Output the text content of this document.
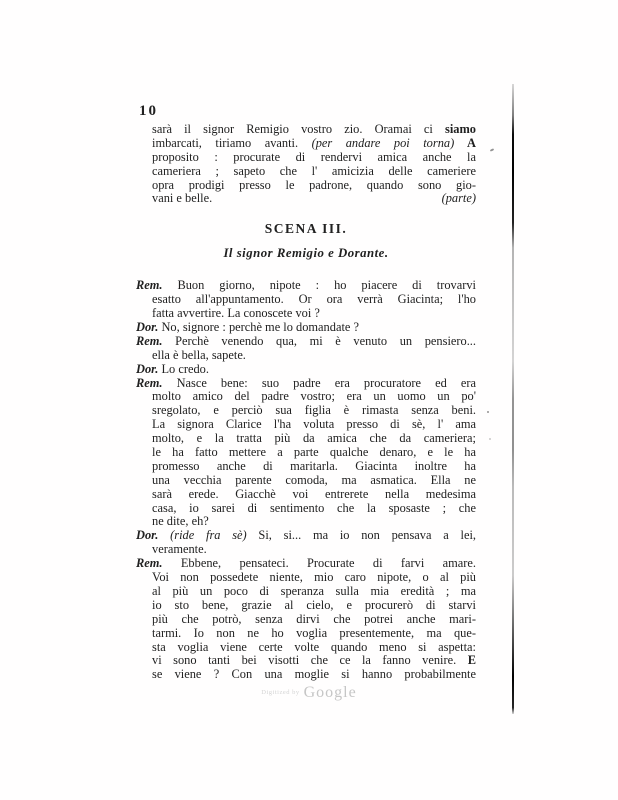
10
sarà il signor Remigio vostro zio. Oramai ci siamo
imbarcati, tiriamo avanti. (per andare poi torna) A
proposito : procurate di rendervi amica anche la
cameriera ; sapeto che l' amicizia delle cameriere
opra prodigi presso le padrone, quando sono gio-
vani e belle.	(parte)
SCENA III.
Il signor Remigio e Dorante.
Rem. Buon giorno, nipote : ho piacere di trovarvi
esatto all'appuntamento. Or ora verrà Giacinta; l'ho
fatta avvertire. La conoscete voi ?
Dor. No, signore : perchè me lo domandate ?
Rem. Perchè venendo qua, mi è venuto un pensiero...
ella è bella, sapete.
Dor. Lo credo.
Rem. Nasce bene: suo padre era procuratore ed era
molto amico del padre vostro; era un uomo un po'
sregolato, e perciò sua figlia è rimasta senza beni.
La signora Clarice l'ha voluta presso di sè, l' ama
molto, e la tratta più da amica che da cameriera;
le ha fatto mettere a parte qualche denaro, e le ha
promesso anche di maritarla. Giacinta inoltre ha
una vecchia parente comoda, ma asmatica. Ella ne
sarà erede. Giacchè voi entrerete nella medesima
casa, io sarei di sentimento che la sposaste ; che
ne dite, eh?
Dor. (ride fra sè) Si, si... ma io non pensava a lei,
veramente.
Rem. Ebbene, pensateci. Procurate di farvi amare.
Voi non possedete niente, mio caro nipote, o al più
al più un poco di speranza sulla mia eredità ; ma
io sto bene, grazie al cielo, e procurerò di starvi
più che potrò, senza dirvi che potrei anche mari-
tarmi. Io non ne ho voglia presentemente, ma que-
sta voglia viene certe volte quando meno si aspetta:
vi sono tanti bei visotti che ce la fanno venire. E
se viene ? Con una moglie si hanno probabilmente
Digitized by Google
